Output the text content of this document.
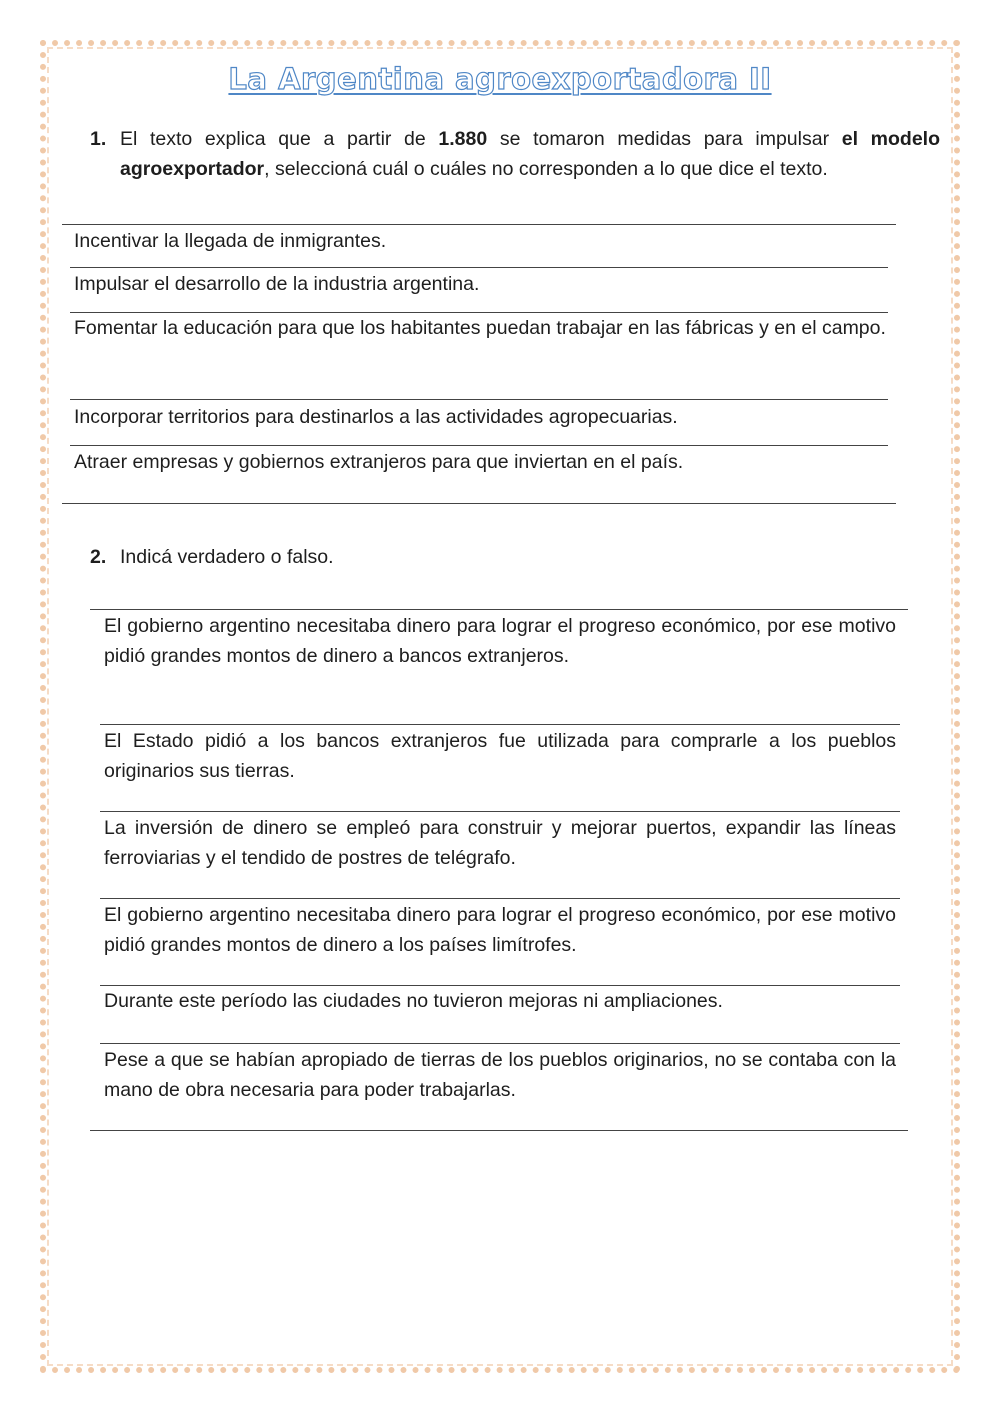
La Argentina agroexportadora II
1. El texto explica que a partir de 1.880 se tomaron medidas para impulsar el modelo agroexportador, seleccioná cuál o cuáles no corresponden a lo que dice el texto.
Incentivar la llegada de inmigrantes.
Impulsar el desarrollo de la industria argentina.
Fomentar la educación para que los habitantes puedan trabajar en las fábricas y en el campo.
Incorporar territorios para destinarlos a las actividades agropecuarias.
Atraer empresas y gobiernos extranjeros para que inviertan en el país.
2. Indicá verdadero o falso.
El gobierno argentino necesitaba dinero para lograr el progreso económico, por ese motivo pidió grandes montos de dinero a bancos extranjeros.
El Estado pidió a los bancos extranjeros fue utilizada para comprarle a los pueblos originarios sus tierras.
La inversión de dinero se empleó para construir y mejorar puertos, expandir las líneas ferroviarias y el tendido de postres de telégrafo.
El gobierno argentino necesitaba dinero para lograr el progreso económico, por ese motivo pidió grandes montos de dinero a los países limítrofes.
Durante este período las ciudades no tuvieron mejoras ni ampliaciones.
Pese a que se habían apropiado de tierras de los pueblos originarios, no se contaba con la mano de obra necesaria para poder trabajarlas.
